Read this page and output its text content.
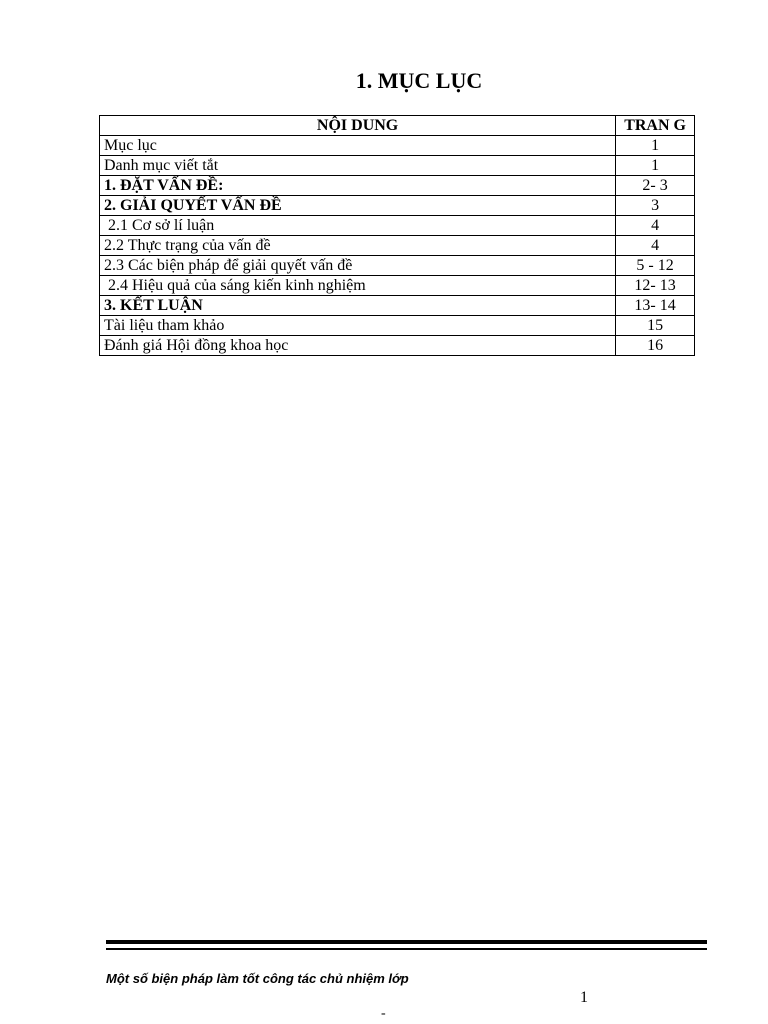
1. MỤC LỤC
NỘI DUNG	TRAN G
Mục lục	1
Danh mục viết tắt	1
1. ĐẶT VẤN ĐỀ:	2- 3
2. GIẢI QUYẾT VẤN ĐỀ	3
2.1 Cơ sở lí luận	4
2.2 Thực trạng của vấn đề	4
2.3 Các biện pháp để giải quyết vấn đề	5 - 12
2.4 Hiệu quả của sáng kiến kinh nghiệm	12- 13
3. KẾT LUẬN	13- 14
Tài liệu tham khảo	15
Đánh giá Hội đồng khoa học	16
Một số biện pháp làm tốt công tác chủ nhiệm lớp
1
-
